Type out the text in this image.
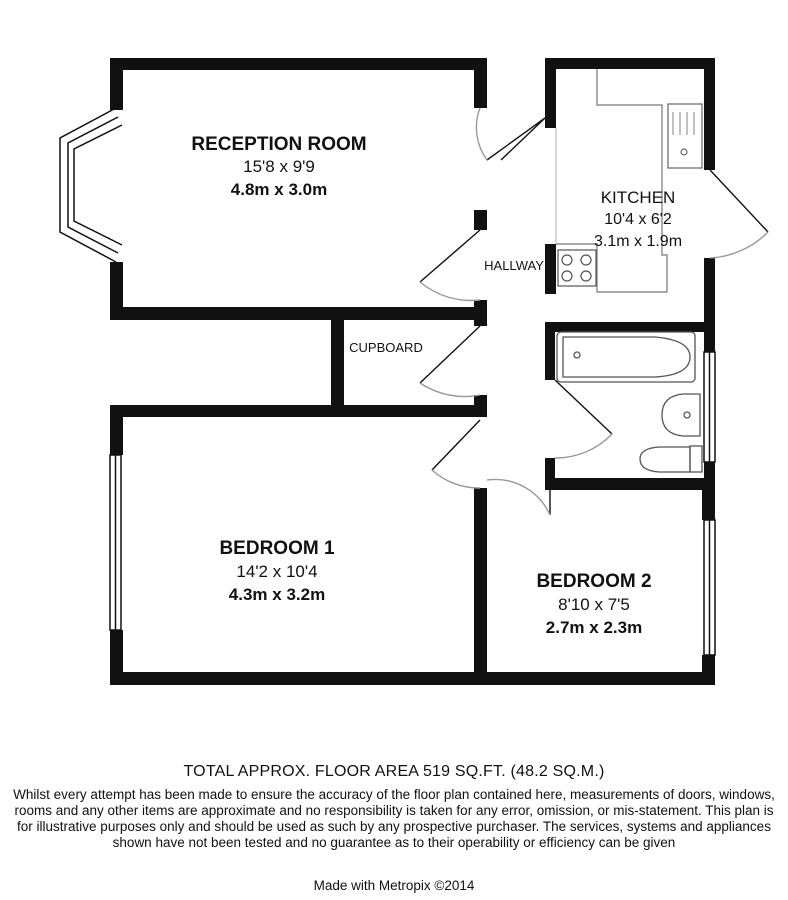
RECEPTION ROOM
15'8 x 9'9
4.8m x 3.0m	KITCHEN
10'4 x 6'2
3.1m x 1.9m
HALLWAY
CUPBOARD
BEDROOM 1
14'2 x 10'4
4.3m x 3.2m
BEDROOM 2
8'10 x 7'5
2.7m x 2.3m
TOTAL APPROX. FLOOR AREA 519 SQ.FT. (48.2 SQ.M.)
Whilst every attempt has been made to ensure the accuracy of the floor plan contained here, measurements of doors, windows, rooms and any other items are approximate and no responsibility is taken for any error, omission, or mis-statement. This plan is for illustrative purposes only and should be used as such by any prospective purchaser. The services, systems and appliances shown have not been tested and no guarantee as to their operability or efficiency can be given
Made with Metropix ©2014
